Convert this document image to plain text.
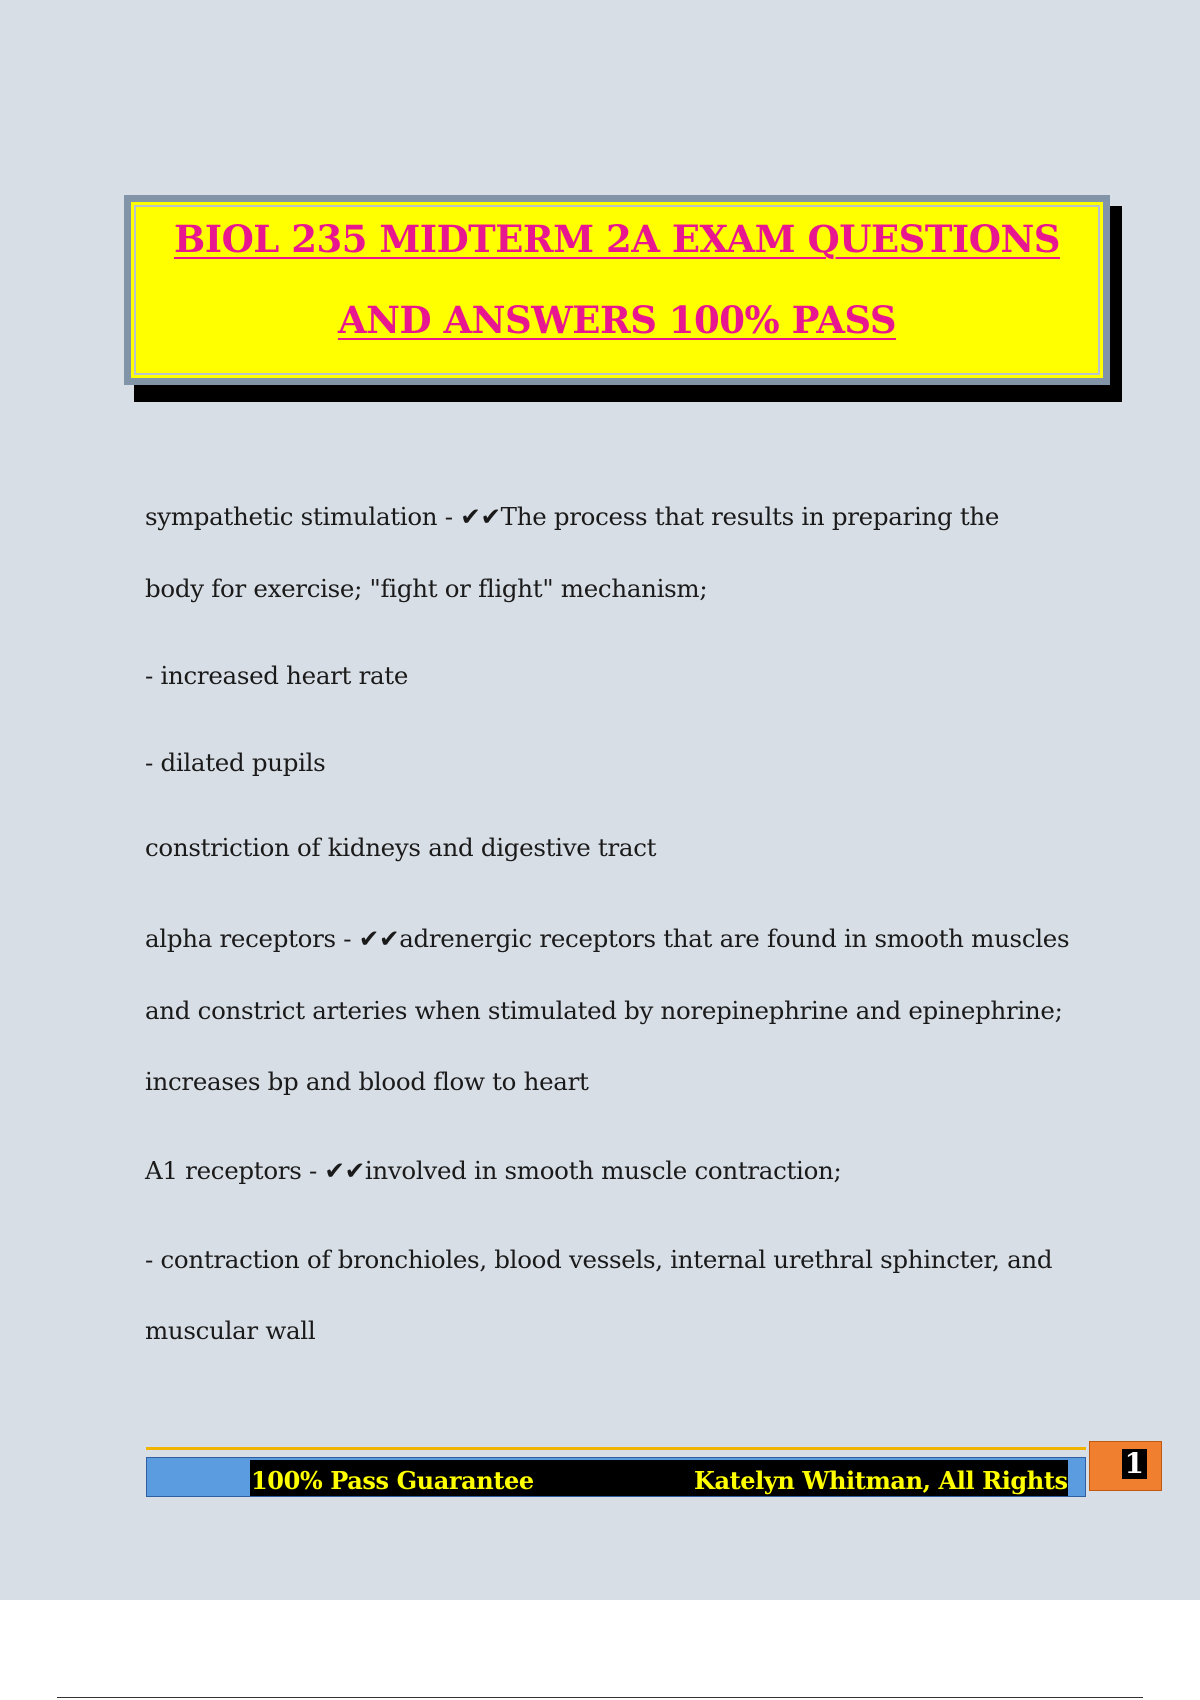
BIOL 235 MIDTERM 2A EXAM QUESTIONS
AND ANSWERS 100% PASS
sympathetic stimulation - ✔✔The process that results in preparing the
body for exercise; "fight or flight" mechanism;
- increased heart rate
- dilated pupils
constriction of kidneys and digestive tract
alpha receptors - ✔✔adrenergic receptors that are found in smooth muscles
and constrict arteries when stimulated by norepinephrine and epinephrine;
increases bp and blood flow to heart
A1 receptors - ✔✔involved in smooth muscle contraction;
- contraction of bronchioles, blood vessels, internal urethral sphincter, and
muscular wall
100% Pass Guarantee	Katelyn Whitman, All Rights
1
